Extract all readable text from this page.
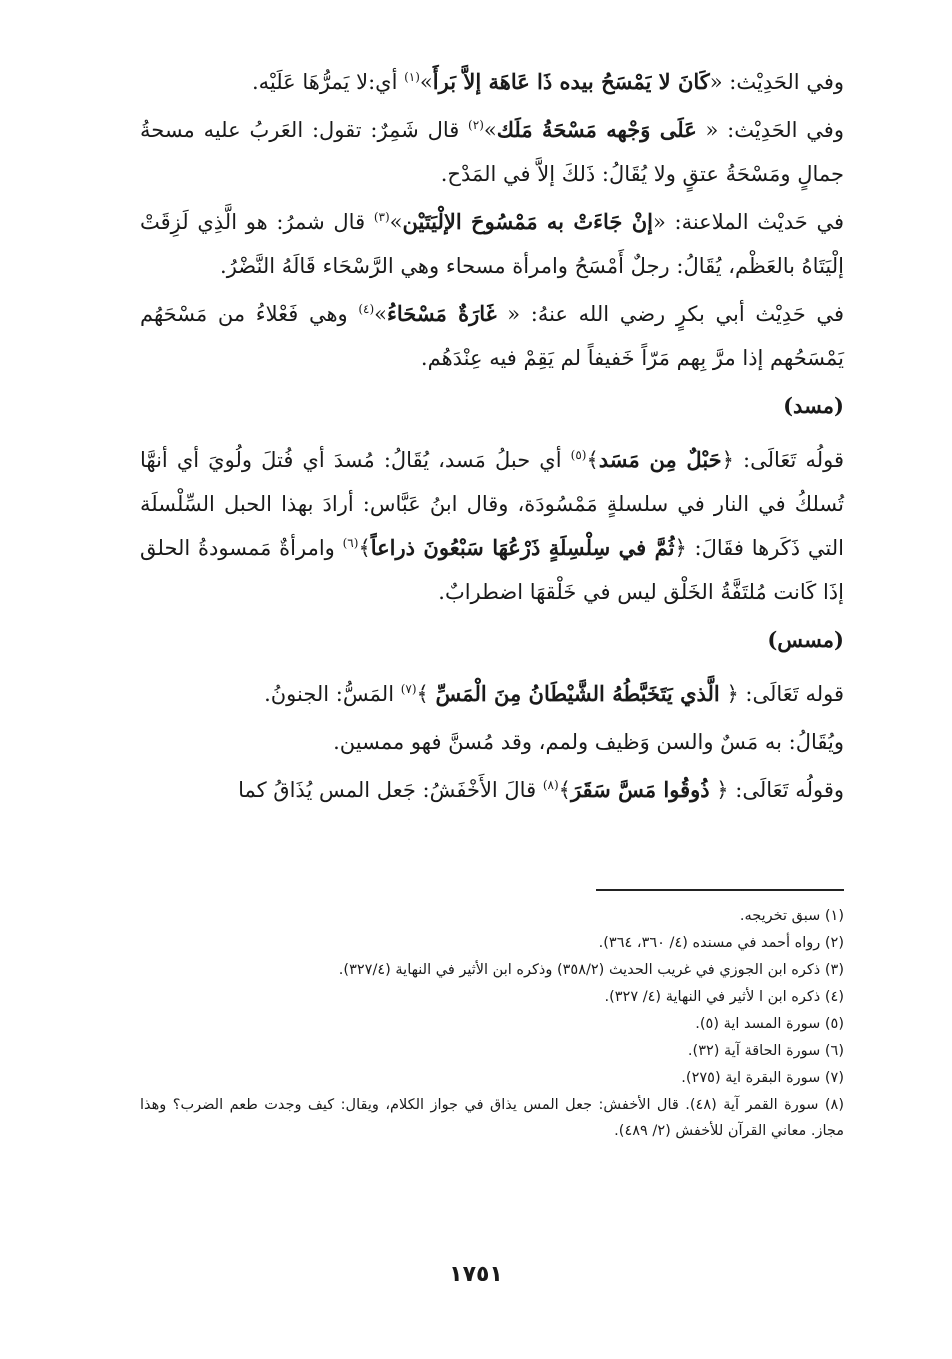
وفي الحَدِيْث: «كَانَ لا يَمْسَحُ بيده ذَا عَاهَة إلاَّ بَرأَ»$^{(١)}$ أي:لا يَمرُّهَا عَلَيْه.
وفي الحَدِيْث: « عَلَى وَجْهه مَسْحَةُ مَلَك»$^{(٢)}$ قال شَمِرٌ: تقول: العَربُ عليه مسحةُ جمالٍ ومَسْحَةُ عتقٍ ولا يُقَالُ: ذَلكَ إلاَّ في المَدْح.
في حَديْث الملاعنة: «إنْ جَاءَتْ به مَمْسُوحَ الإلْيَتَيْن»$^{(٣)}$ قال شمرُ: هو الَّذِي لَزِقَتْ إلْيَتَاهُ بالعَظْم، يُقَالُ: رجلٌ أَمْسَحُ وامرأة مسحاء وهي الرَّسْحَاء قَالَهُ النَّضْرُ.
في حَدِيْث أبي بكرٍ رضي الله عنهُ: « غَارَةٌ مَسْحَاءُ»$^{(٤)}$ وهي فَعْلاءُ من مَسْحَهُم يَمْسَحُهم إذا مرَّ بِهم مَرّاً خَفيفاً لم يَقِمْ فيه عِنْدَهُم.
(مسد)
قولُه تَعَالَى: ﴿حَبْلٌ مِن مَسَد﴾$^{(٥)}$ أي حبلُ مَسد، يُقَالُ: مُسدَ أي فُتلَ ولُويَ أي أنهَّا تُسلكُ في النار في سلسلةٍ مَمْسُودَة، وقال ابنُ عَبَّاس: أرادَ بهذا الحبل السِّلْسلَة التي ذَكَرها فقَالَ: ﴿ثُمَّ في سِلْسِلَةٍ ذَرْعُهَا سَبْعُونَ ذراعاً﴾$^{(٦)}$ وامرأةٌ مَمسودةُ الحلق إذَا كَانت مُلتَفَّةُ الخَلْق ليس في خَلْقهَا اضطرابٌ.
(مسس)
قوله تَعَالَى: ﴿ الَّذي يَتَخَبَّطُهُ الشَّيْطَانُ مِنَ الْمَسِّ ﴾$^{(٧)}$ المَسُّ: الجنونُ.
ويُقَالُ: به مَسٌ والسن وَظيف ولمم، وقد مُسنَّ فهو ممسين.
وقولُه تَعَالَى: ﴿ ذُوقُوا مَسَّ سَقَرَ﴾$^{(٨)}$ قالَ الأَخْفَشُ: جَعل المس يُذَاقُ كما
(١) سبق تخريجه.
(٢) رواه أحمد في مسنده (٤/ ٣٦٠، ٣٦٤).
(٣) ذكره ابن الجوزي في غريب الحديث (٣٥٨/٢) وذكره ابن الأثير في النهاية (٣٢٧/٤).
(٤) ذكره ابن ا لأثير في النهاية (٤/ ٣٢٧).
(٥) سورة المسد اية (٥).
(٦) سورة الحاقة آية (٣٢).
(٧) سورة البقرة اية (٢٧٥).
(٨) سورة القمر آية (٤٨). قال الأخفش: جعل المس يذاق في جواز الكلام، ويقال: كيف وجدت طعم الضرب؟ وهذا مجاز. معاني القرآن للأخفش (٢/ ٤٨٩).
١٧٥١
